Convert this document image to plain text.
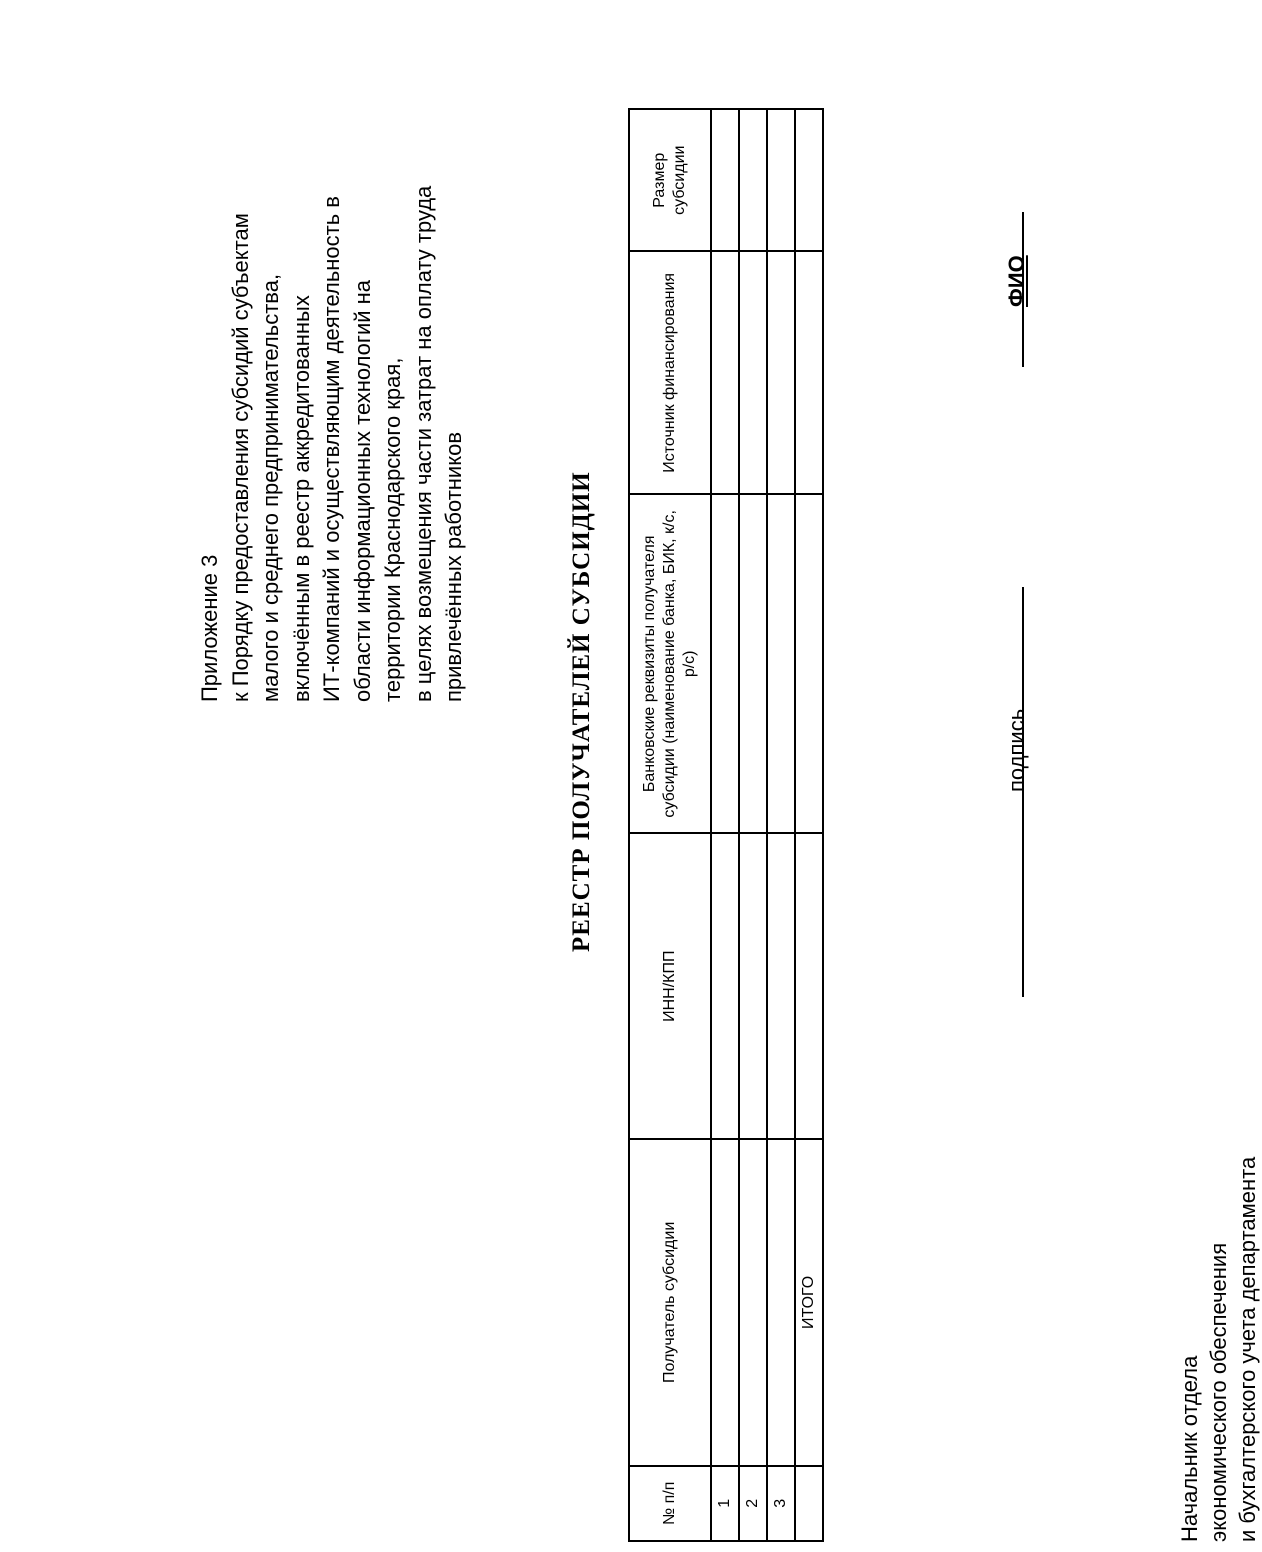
Приложение 3 к Порядку предоставления субсидий субъектам малого и среднего предпринимательства, включённым в реестр аккредитованных ИТ-компаний и осуществляющим деятельность в области информационных технологий на территории Краснодарского края, в целях возмещения части затрат на оплату труда привлечённых работников	РЕЕСТР ПОЛУЧАТЕЛЕЙ СУБСИДИИ
№ п/п	Получатель субсидии	ИНН/КПП	Банковские реквизиты получателя субсидии (наименование банка, БИК, к/с, р/с)	Источник финансирования	Размер субсидии
1					
2					
3					
	ИТОГО				
Начальник отдела экономического обеспечения и бухгалтерского учета департамента
подпись
ФИО
